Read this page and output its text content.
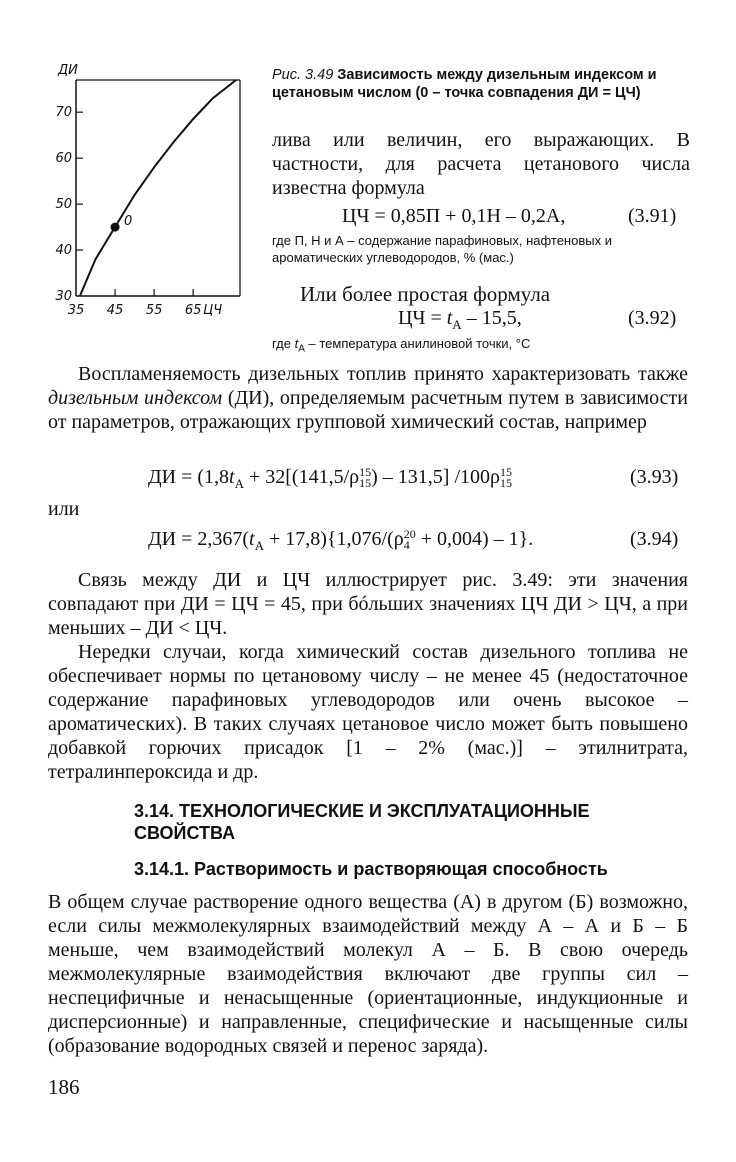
30
40
50
60
70
35 45 55 65 ЦЧ
0
ДИ	Рис. 3.49 Зависимость между дизельным индексом и цетановым числом (0 – точка совпадения ДИ = ЦЧ)
лива или величин, его выражающих. В частности, для расчета цетанового числа известна формула
ЦЧ = 0,85П + 0,1Н – 0,2А,	(3.91)
где П, Н и А – содержание парафиновых, нафтеновых и ароматических углеводородов, % (мас.)
Или более простая формула
ЦЧ = $t_А - 15,5$,	(3.92)
где $t_А$ – температура анилиновой точки, °С
Воспламеняемость дизельных топлив принято характеризовать также дизельным индексом (ДИ), определяемым расчетным путем в зависимости от параметров, отражающих групповой химический состав, например
ДИ = ($1,8t_А + 32[(141,5/\rho$ 15
15 ) – 131,5] /100ρ 15
15	(3.93)
или
ДИ = $2,367(t_А + 17,8)\{1,076/(\rho$ 20
4 + 0,004) – 1}.	(3.94)
Связь между ДИ и ЦЧ иллюстрирует рис. 3.49: эти значения совпадают при ДИ = ЦЧ = 45, при бóльших значениях ЦЧ ДИ > ЦЧ, а при меньших – ДИ < ЦЧ.
Нередки случаи, когда химический состав дизельного топлива не обеспечивает нормы по цетановому числу – не менее 45 (недостаточное содержание парафиновых углеводородов или очень высокое – ароматических). В таких случаях цетановое число может быть повышено добавкой горючих присадок [1 – 2% (мас.)] – этилнитрата, тетралинпероксида и др.
3.14. ТЕХНОЛОГИЧЕСКИЕ И ЭКСПЛУАТАЦИОННЫЕ СВОЙСТВА
3.14.1. Растворимость и растворяющая способность
В общем случае растворение одного вещества (А) в другом (Б) возможно, если силы межмолекулярных взаимодействий между А – А и Б – Б меньше, чем взаимодействий молекул А – Б. В свою очередь межмолекулярные взаимодействия включают две группы сил – неспецифичные и ненасыщенные (ориентационные, индукционные и дисперсионные) и направленные, специфические и насыщенные силы (образование водородных связей и перенос заряда).
186
